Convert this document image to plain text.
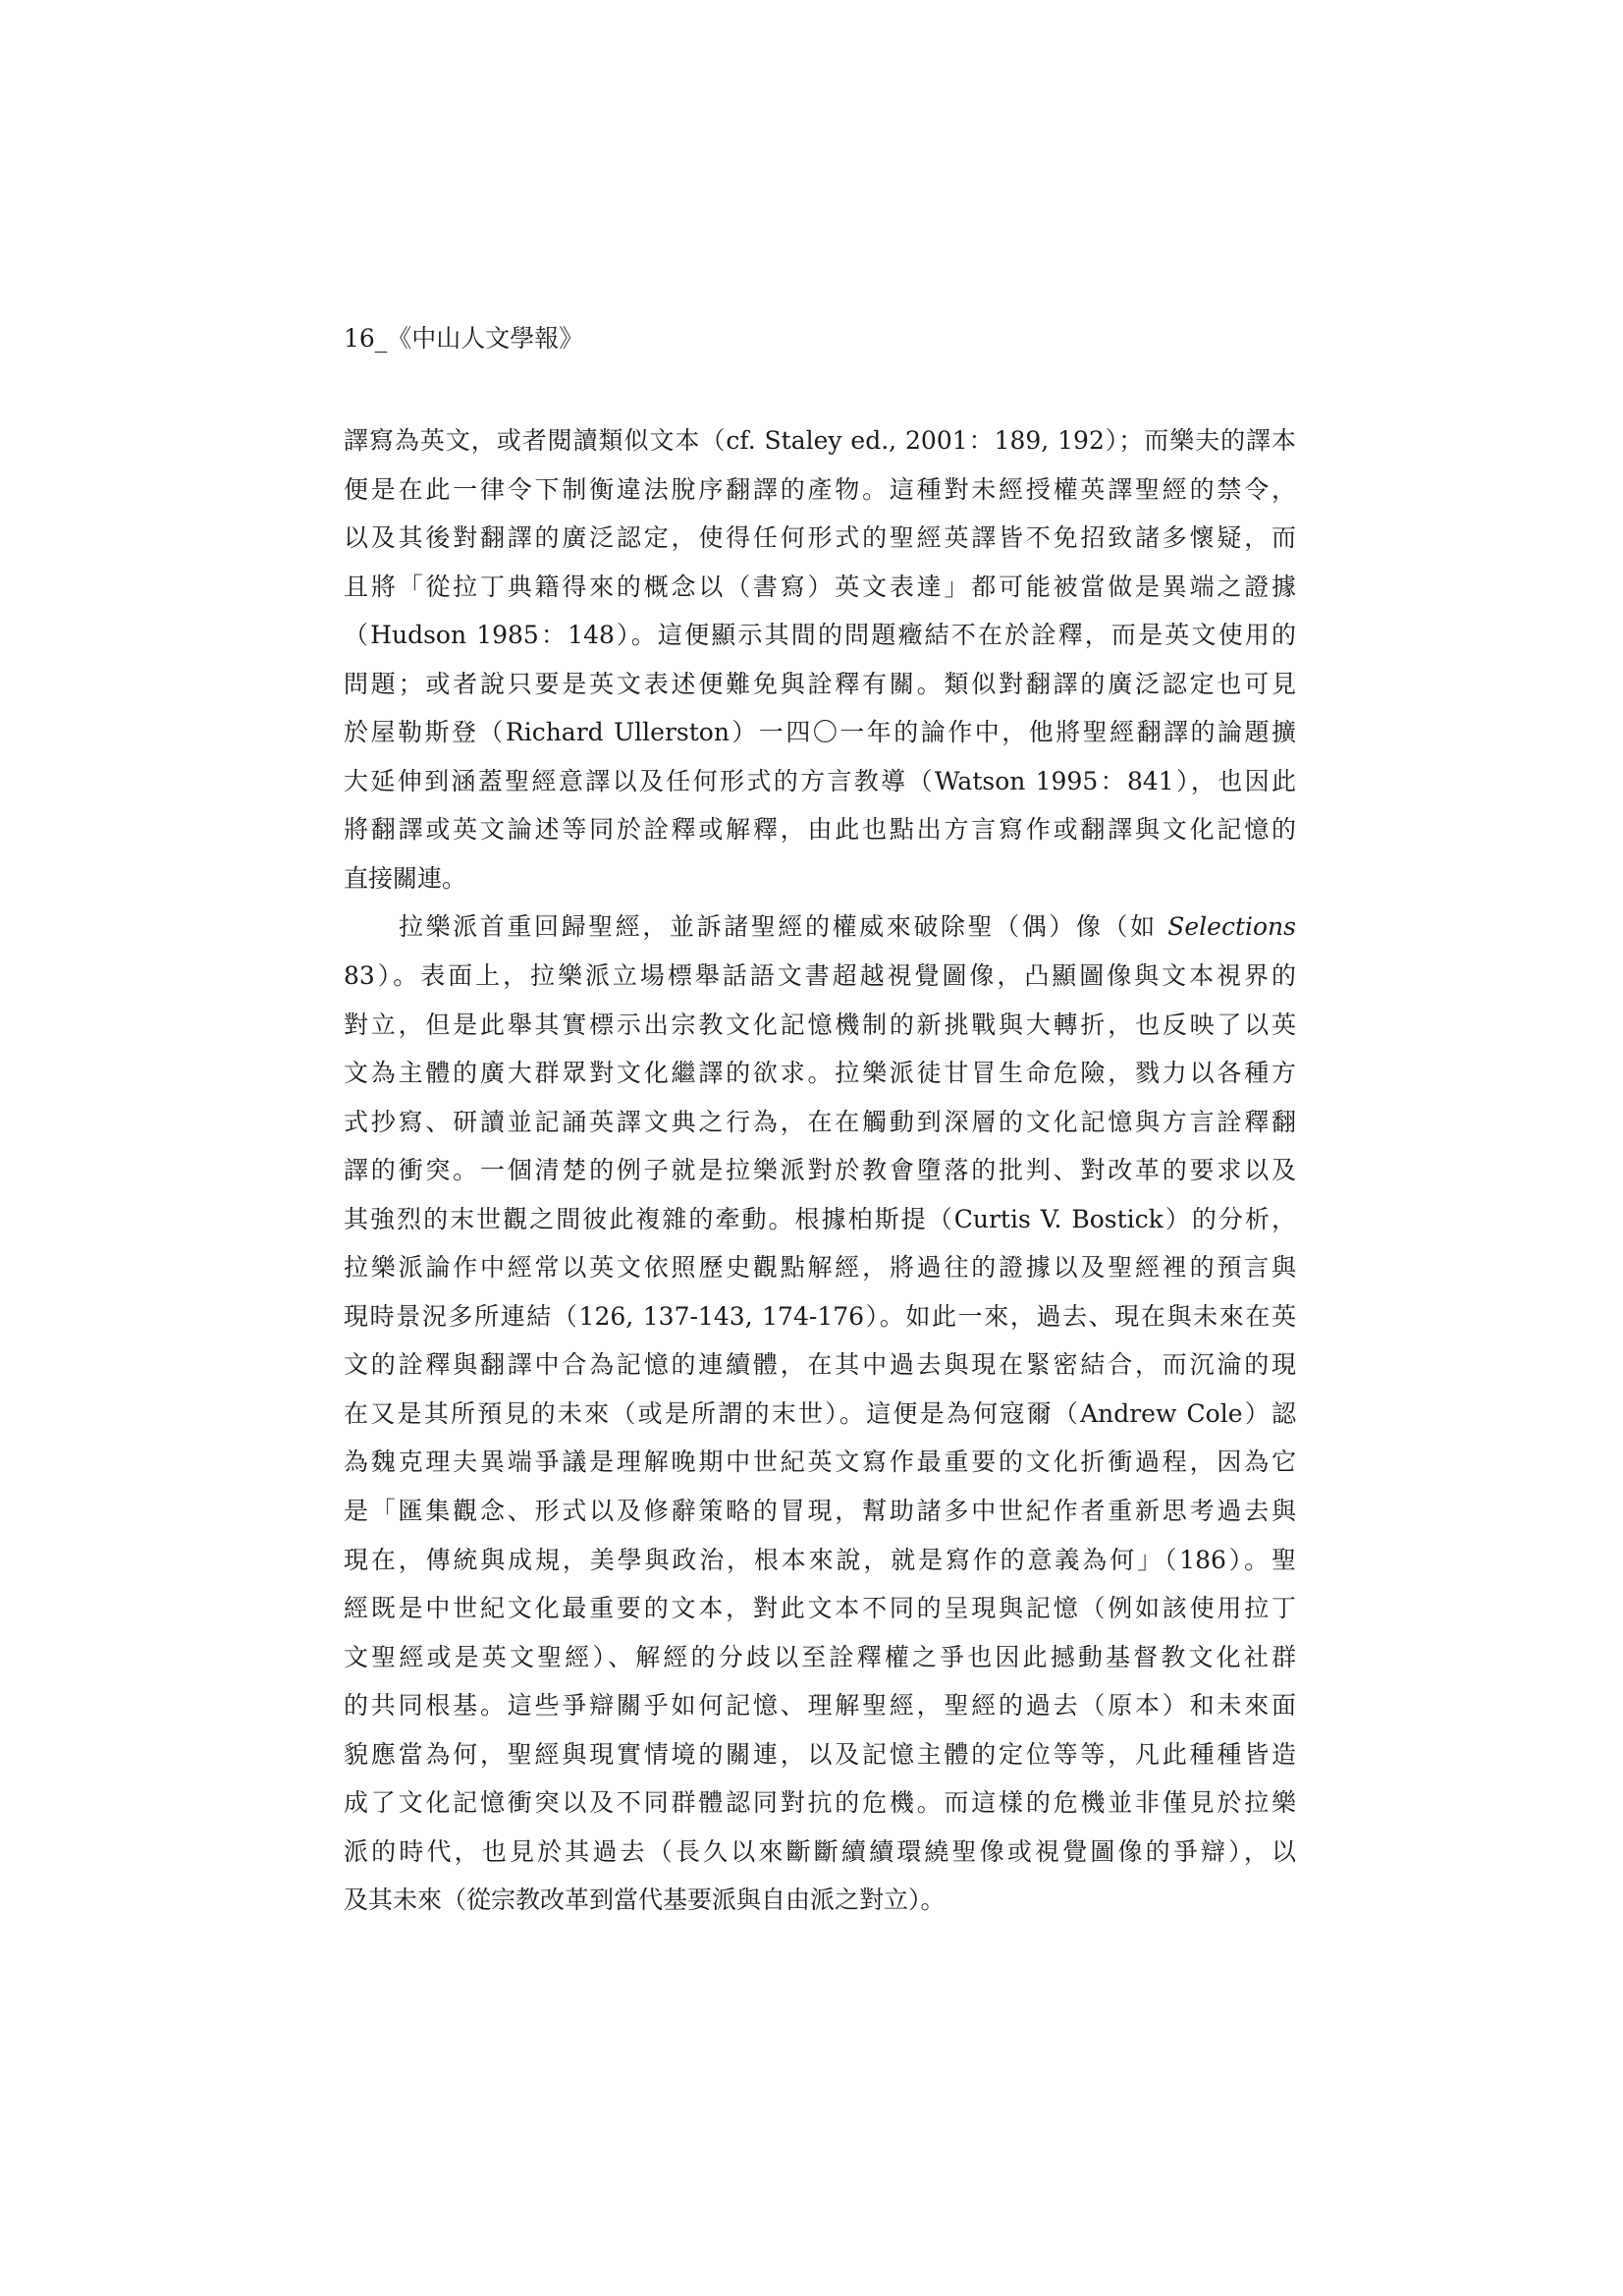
16_《中山人文學報》
譯寫為英文，或者閱讀類似文本（cf. Staley ed., 2001：189, 192）；而樂夫的譯本
便是在此一律令下制衡違法脫序翻譯的產物。這種對未經授權英譯聖經的禁令，
以及其後對翻譯的廣泛認定，使得任何形式的聖經英譯皆不免招致諸多懷疑，而
且將「從拉丁典籍得來的概念以（書寫）英文表達」都可能被當做是異端之證據
（Hudson 1985：148）。這便顯示其間的問題癥結不在於詮釋，而是英文使用的
問題；或者說只要是英文表述便難免與詮釋有關。類似對翻譯的廣泛認定也可見
於屋勒斯登（Richard Ullerston）一四〇一年的論作中，他將聖經翻譯的論題擴
大延伸到涵蓋聖經意譯以及任何形式的方言教導（Watson 1995：841），也因此
將翻譯或英文論述等同於詮釋或解釋，由此也點出方言寫作或翻譯與文化記憶的
直接關連。
拉樂派首重回歸聖經，並訴諸聖經的權威來破除聖（偶）像（如 Selections
83）。表面上，拉樂派立場標舉話語文書超越視覺圖像，凸顯圖像與文本視界的
對立，但是此舉其實標示出宗教文化記憶機制的新挑戰與大轉折，也反映了以英
文為主體的廣大群眾對文化繼譯的欲求。拉樂派徒甘冒生命危險，戮力以各種方
式抄寫、研讀並記誦英譯文典之行為，在在觸動到深層的文化記憶與方言詮釋翻
譯的衝突。一個清楚的例子就是拉樂派對於教會墮落的批判、對改革的要求以及
其強烈的末世觀之間彼此複雜的牽動。根據柏斯提（Curtis V. Bostick）的分析，
拉樂派論作中經常以英文依照歷史觀點解經，將過往的證據以及聖經裡的預言與
現時景況多所連結（126, 137-143, 174-176）。如此一來，過去、現在與未來在英
文的詮釋與翻譯中合為記憶的連續體，在其中過去與現在緊密結合，而沉淪的現
在又是其所預見的未來（或是所謂的末世）。這便是為何寇爾（Andrew Cole）認
為魏克理夫異端爭議是理解晚期中世紀英文寫作最重要的文化折衝過程，因為它
是「匯集觀念、形式以及修辭策略的冒現，幫助諸多中世紀作者重新思考過去與
現在，傳統與成規，美學與政治，根本來說，就是寫作的意義為何」（186）。聖
經既是中世紀文化最重要的文本，對此文本不同的呈現與記憶（例如該使用拉丁
文聖經或是英文聖經）、解經的分歧以至詮釋權之爭也因此撼動基督教文化社群
的共同根基。這些爭辯關乎如何記憶、理解聖經，聖經的過去（原本）和未來面
貌應當為何，聖經與現實情境的關連，以及記憶主體的定位等等，凡此種種皆造
成了文化記憶衝突以及不同群體認同對抗的危機。而這樣的危機並非僅見於拉樂
派的時代，也見於其過去（長久以來斷斷續續環繞聖像或視覺圖像的爭辯），以
及其未來（從宗教改革到當代基要派與自由派之對立）。
